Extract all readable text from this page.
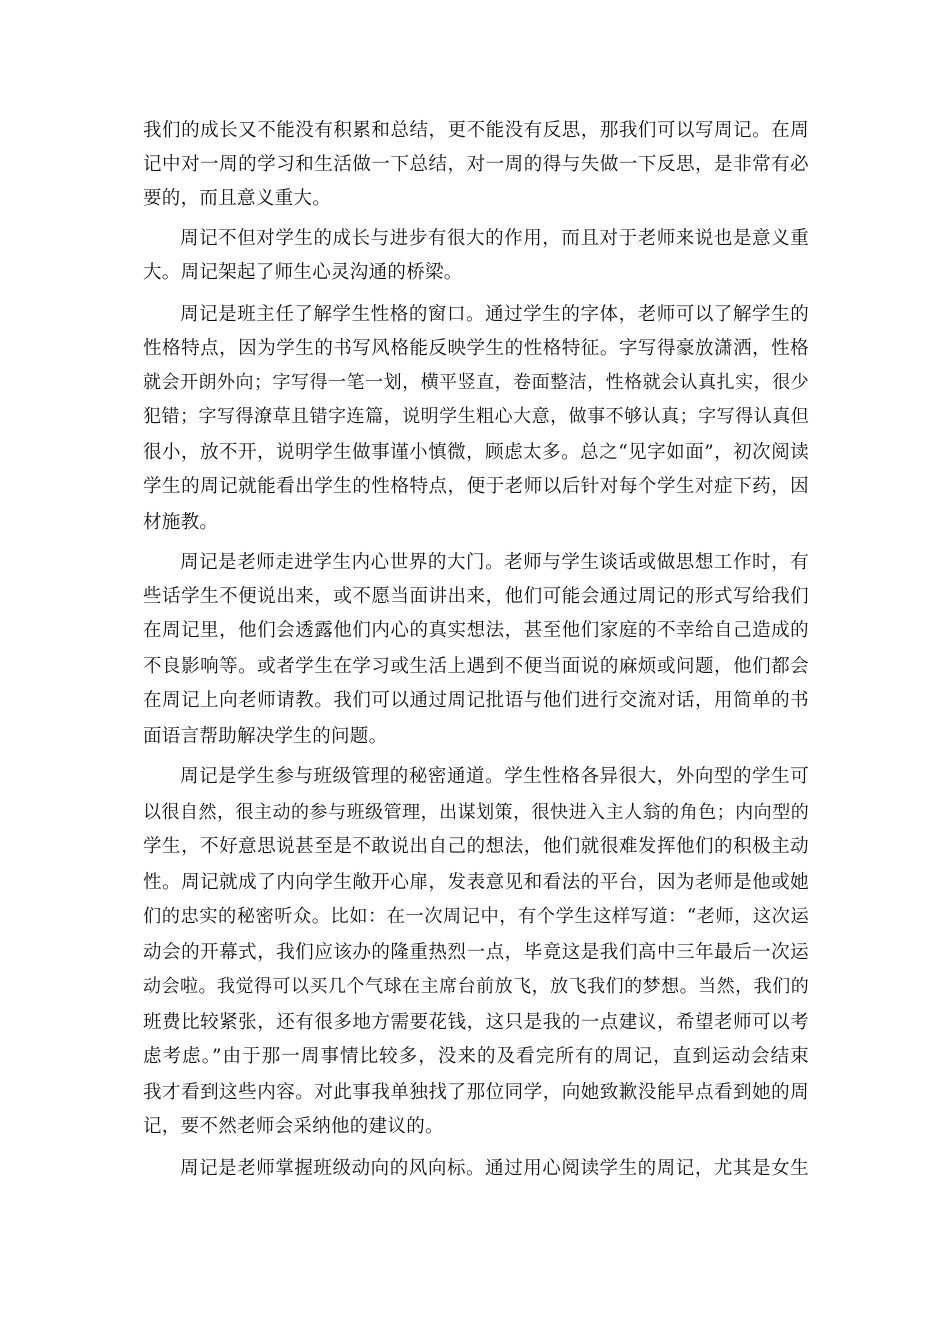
我们的成长又不能没有积累和总结，更不能没有反思，那我们可以写周记。在周
记中对一周的学习和生活做一下总结，对一周的得与失做一下反思，是非常有必
要的，而且意义重大。
周记不但对学生的成长与进步有很大的作用，而且对于老师来说也是意义重
大。周记架起了师生心灵沟通的桥梁。
周记是班主任了解学生性格的窗口。通过学生的字体，老师可以了解学生的
性格特点，因为学生的书写风格能反映学生的性格特征。字写得豪放潇洒，性格
就会开朗外向；字写得一笔一划，横平竖直，卷面整洁，性格就会认真扎实，很少
犯错；字写得潦草且错字连篇，说明学生粗心大意，做事不够认真；字写得认真但
很小，放不开，说明学生做事谨小慎微，顾虑太多。总之“见字如面”，初次阅读
学生的周记就能看出学生的性格特点，便于老师以后针对每个学生对症下药，因
材施教。
周记是老师走进学生内心世界的大门。老师与学生谈话或做思想工作时，有
些话学生不便说出来，或不愿当面讲出来，他们可能会通过周记的形式写给我们
在周记里，他们会透露他们内心的真实想法，甚至他们家庭的不幸给自己造成的
不良影响等。或者学生在学习或生活上遇到不便当面说的麻烦或问题，他们都会
在周记上向老师请教。我们可以通过周记批语与他们进行交流对话，用简单的书
面语言帮助解决学生的问题。
周记是学生参与班级管理的秘密通道。学生性格各异很大，外向型的学生可
以很自然，很主动的参与班级管理，出谋划策，很快进入主人翁的角色；内向型的
学生，不好意思说甚至是不敢说出自己的想法，他们就很难发挥他们的积极主动
性。周记就成了内向学生敞开心扉，发表意见和看法的平台，因为老师是他或她
们的忠实的秘密听众。比如：在一次周记中，有个学生这样写道：“老师，这次运
动会的开幕式，我们应该办的隆重热烈一点，毕竟这是我们高中三年最后一次运
动会啦。我觉得可以买几个气球在主席台前放飞，放飞我们的梦想。当然，我们的
班费比较紧张，还有很多地方需要花钱，这只是我的一点建议，希望老师可以考
虑考虑。”由于那一周事情比较多，没来的及看完所有的周记，直到运动会结束
我才看到这些内容。对此事我单独找了那位同学，向她致歉没能早点看到她的周
记，要不然老师会采纳他的建议的。
周记是老师掌握班级动向的风向标。通过用心阅读学生的周记，尤其是女生
